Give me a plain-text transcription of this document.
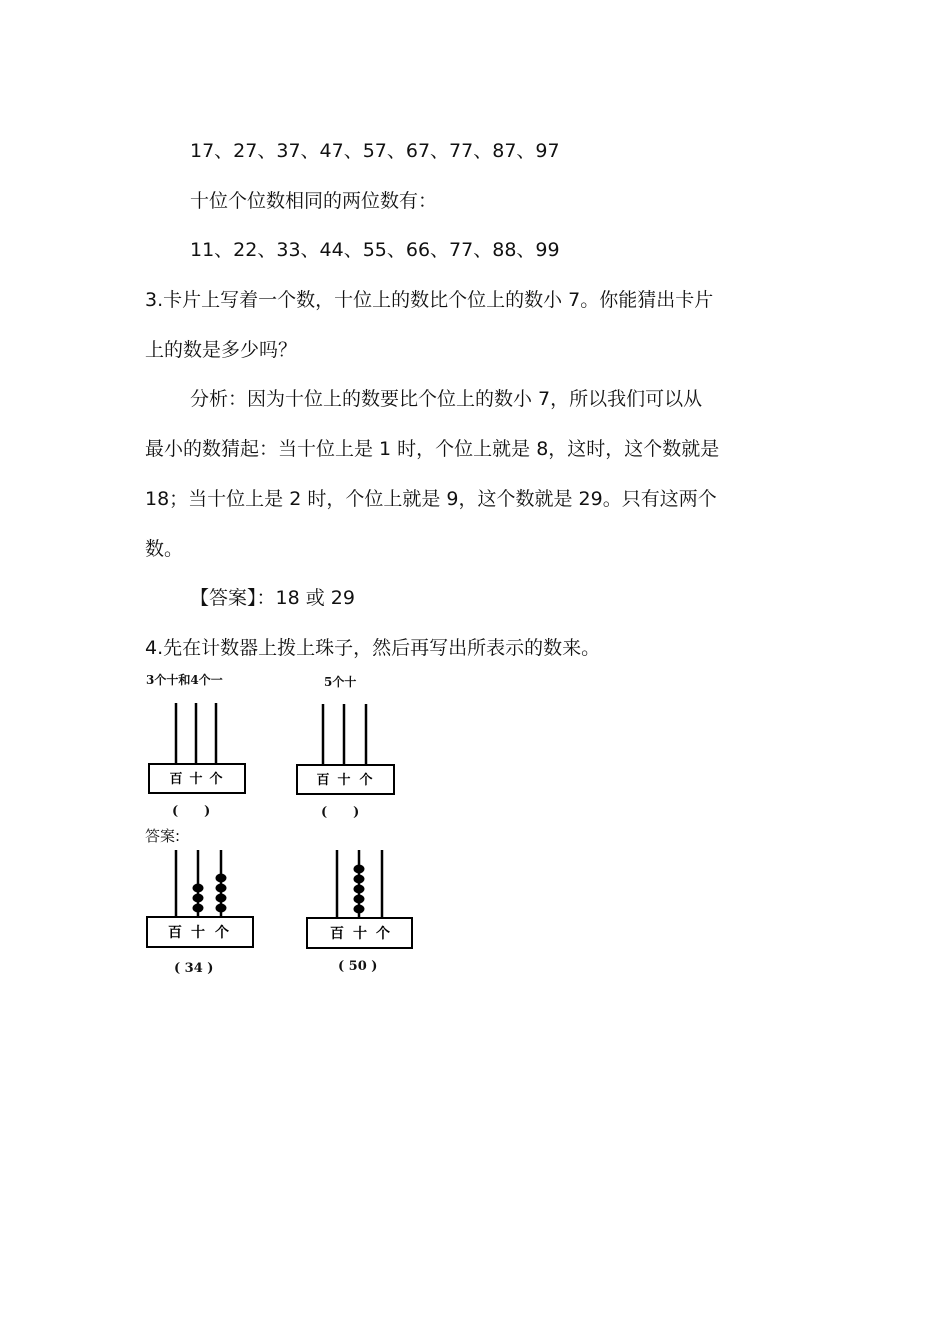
17、27、37、47、57、67、77、87、97
十位个位数相同的两位数有：
11、22、33、44、55、66、77、88、99
3.卡片上写着一个数，十位上的数比个位上的数小 7。你能猜出卡片
上的数是多少吗？
分析：因为十位上的数要比个位上的数小 7，所以我们可以从
最小的数猜起：当十位上是 1 时，个位上就是 8，这时，这个数就是
18；当十位上是 2 时，个位上就是 9，这个数就是 29。只有这两个
数。
【答案】：18 或 29
4.先在计数器上拨上珠子，然后再写出所表示的数来。
3个十和4个一	5个十
百 十 个	百 十 个
百 十 个	百 十 个
(　　)	(　　)
答案:
( 34 )	( 50 )
